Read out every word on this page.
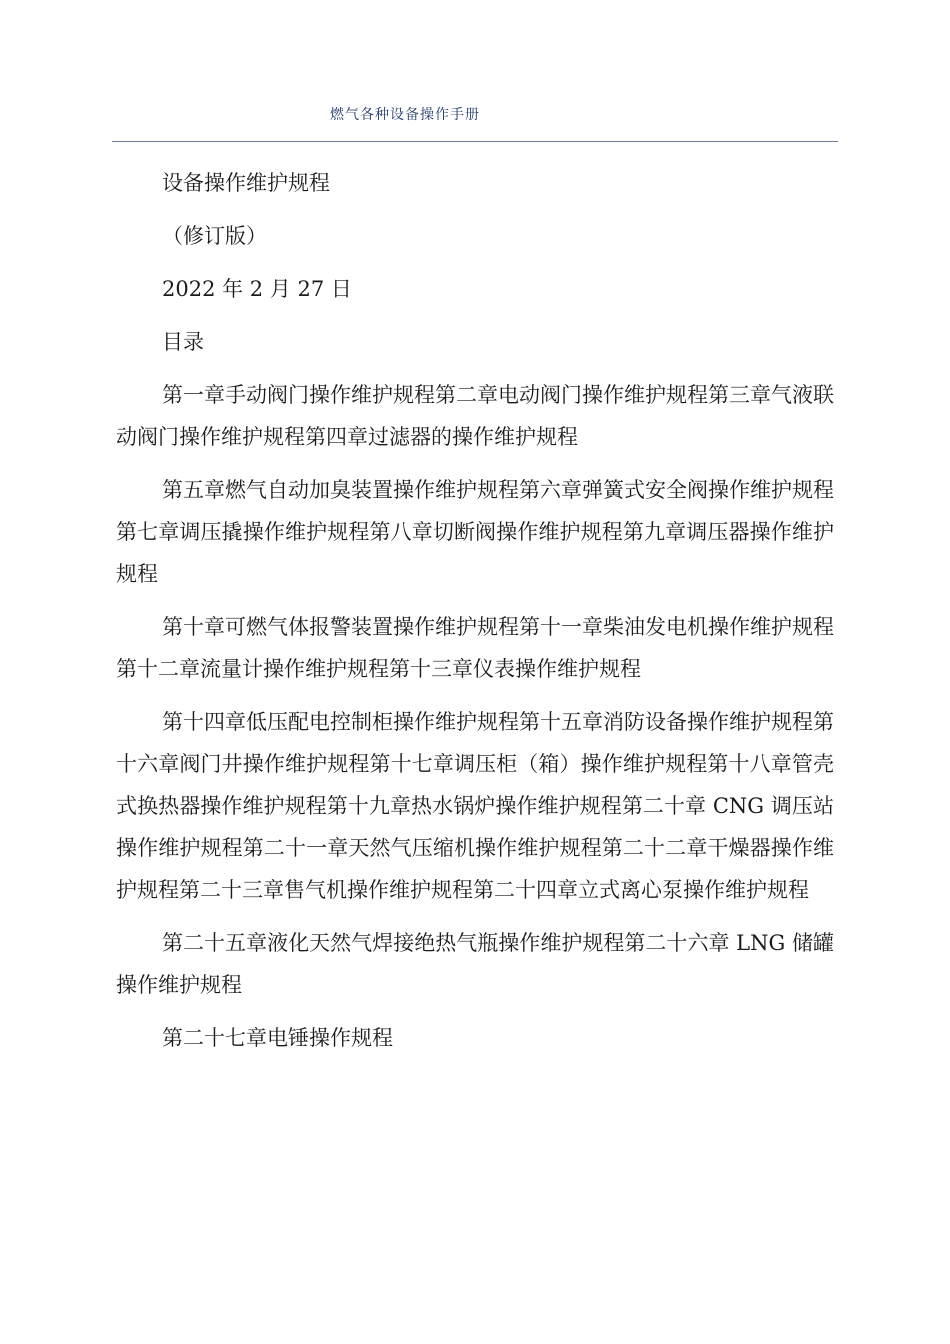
燃气各种设备操作手册

设备操作维护规程

（修订版）

2022 年 2 月 27 日

目录

第一章手动阀门操作维护规程第二章电动阀门操作维护规程第三章气液联动阀门操作维护规程第四章过滤器的操作维护规程

第五章燃气自动加臭装置操作维护规程第六章弹簧式安全阀操作维护规程第七章调压撬操作维护规程第八章切断阀操作维护规程第九章调压器操作维护规程

第十章可燃气体报警装置操作维护规程第十一章柴油发电机操作维护规程第十二章流量计操作维护规程第十三章仪表操作维护规程

第十四章低压配电控制柜操作维护规程第十五章消防设备操作维护规程第十六章阀门井操作维护规程第十七章调压柜（箱）操作维护规程第十八章管壳式换热器操作维护规程第十九章热水锅炉操作维护规程第二十章 CNG 调压站操作维护规程第二十一章天然气压缩机操作维护规程第二十二章干燥器操作维护规程第二十三章售气机操作维护规程第二十四章立式离心泵操作维护规程

第二十五章液化天然气焊接绝热气瓶操作维护规程第二十六章 LNG 储罐操作维护规程

第二十七章电锤操作规程
